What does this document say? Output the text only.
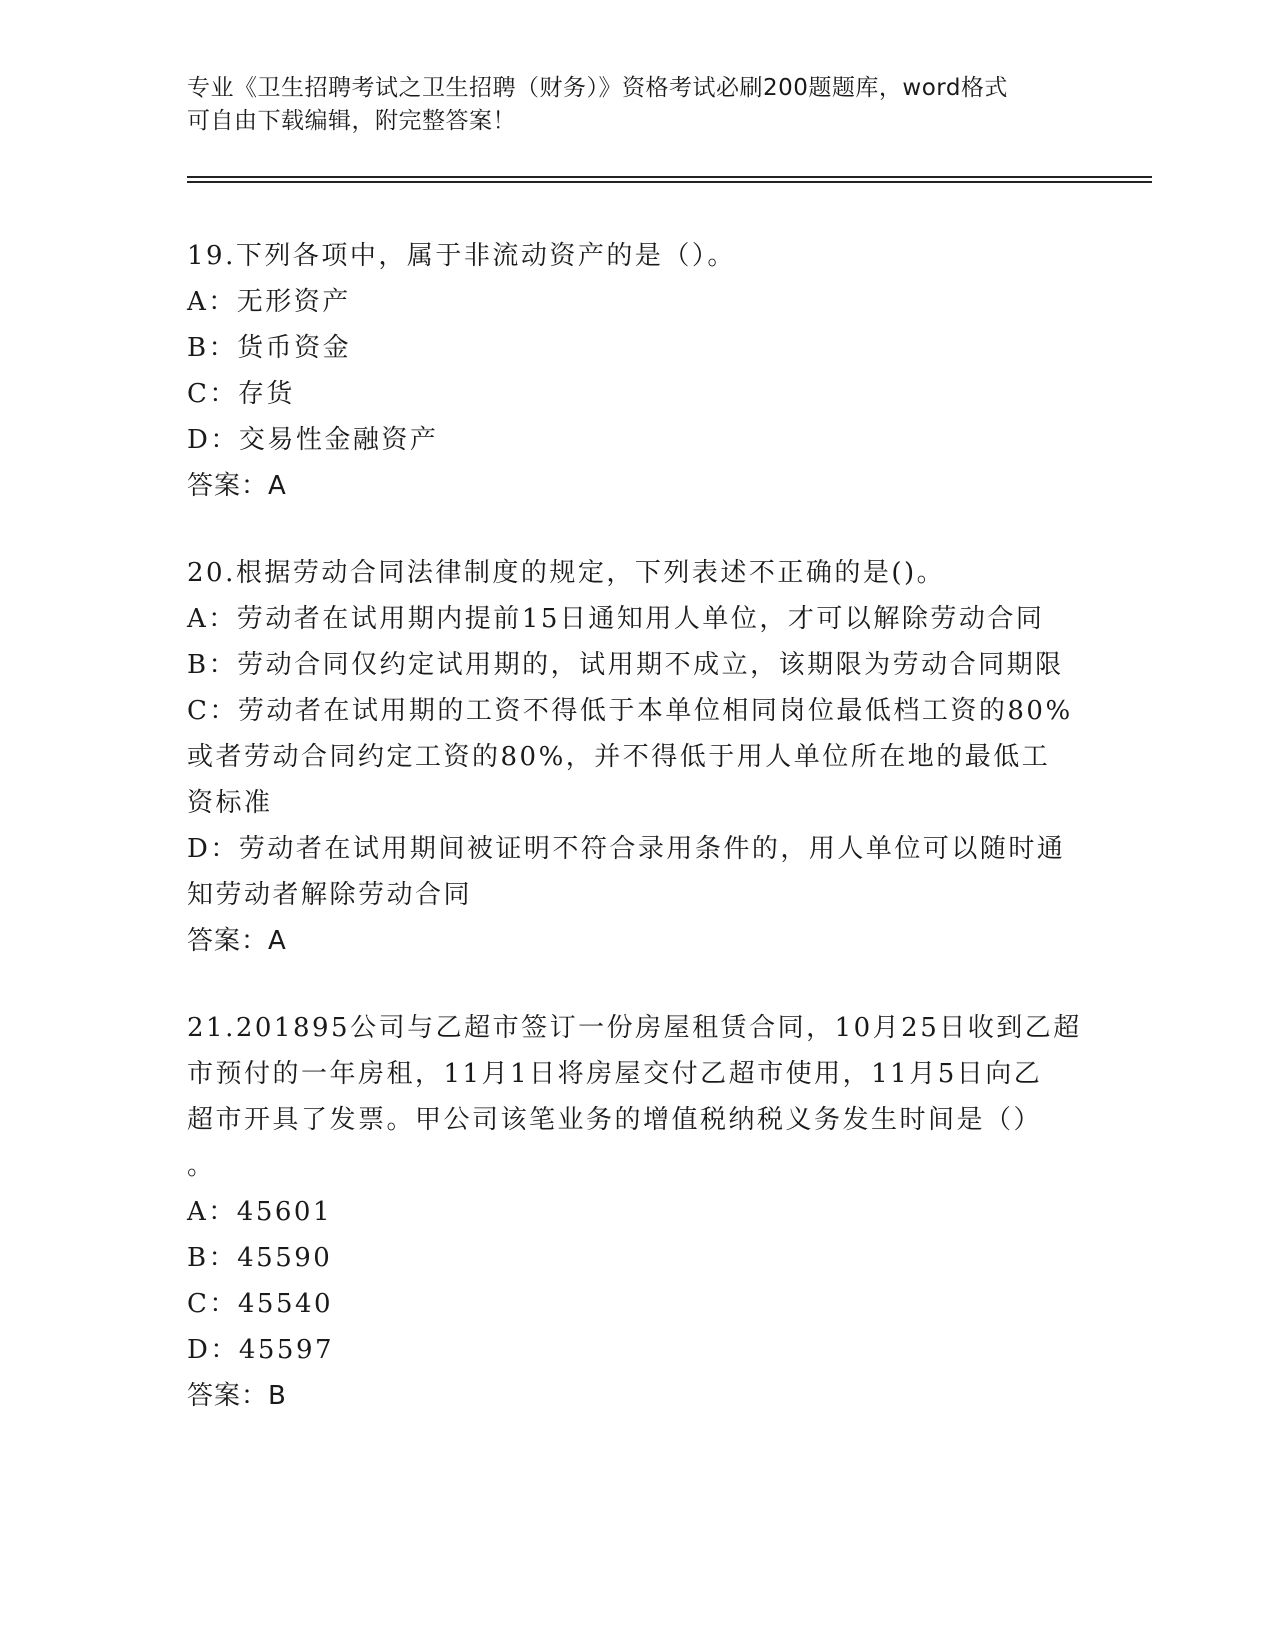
专业《卫生招聘考试之卫生招聘（财务）》资格考试必刷200题题库，word格式
可自由下载编辑，附完整答案！
19.下列各项中，属于非流动资产的是（）。
A：无形资产
B：货币资金
C：存货
D：交易性金融资产
答案：A
20.根据劳动合同法律制度的规定，下列表述不正确的是()。
A：劳动者在试用期内提前15日通知用人单位，才可以解除劳动合同
B：劳动合同仅约定试用期的，试用期不成立，该期限为劳动合同期限
C：劳动者在试用期的工资不得低于本单位相同岗位最低档工资的80%
或者劳动合同约定工资的80%，并不得低于用人单位所在地的最低工
资标准
D：劳动者在试用期间被证明不符合录用条件的，用人单位可以随时通
知劳动者解除劳动合同
答案：A
21.201895公司与乙超市签订一份房屋租赁合同，10月25日收到乙超
市预付的一年房租，11月1日将房屋交付乙超市使用，11月5日向乙
超市开具了发票。甲公司该笔业务的增值税纳税义务发生时间是（）
。
A：45601
B：45590
C：45540
D：45597
答案：B
